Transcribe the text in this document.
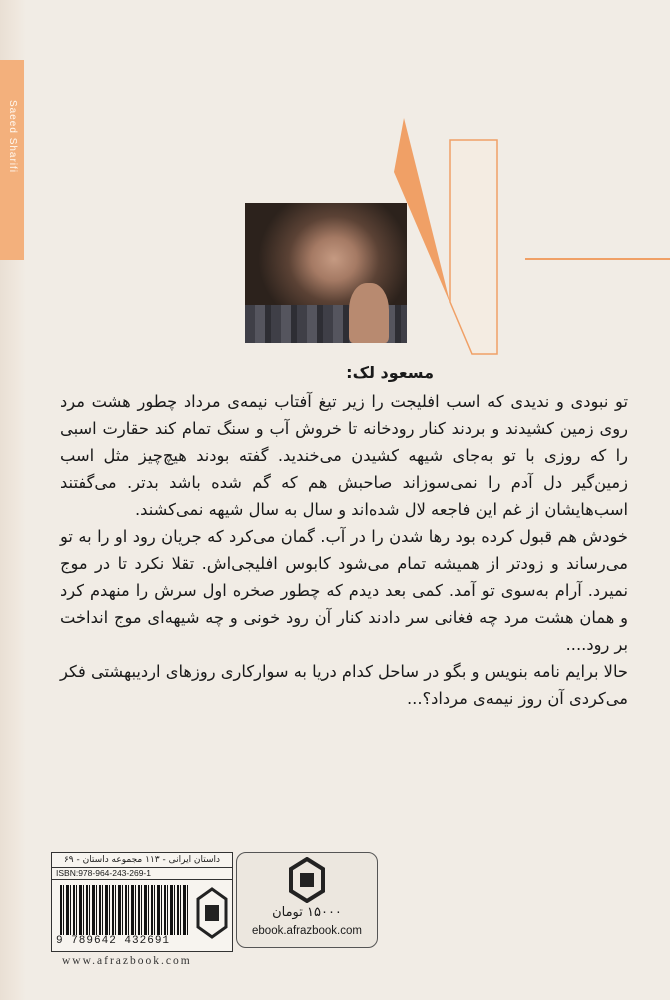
Saeed Sharifi
مسعود لک:

تو نبودی و ندیدی که اسب افلیجت را زیر تیغ آفتاب نیمه‌ی مرداد چطور هشت مرد روی زمین کشیدند و بردند کنار رودخانه تا خروش آب و سنگ تمام کند حقارت اسبی را که روزی با تو به‌جای شیهه کشیدن می‌خندید. گفته بودند هیچ‌چیز مثل اسب زمین‌گیر دل آدم را نمی‌سوزاند صاحبش هم که گم شده باشد بدتر. می‌گفتند اسب‌هایشان از غم این فاجعه لال شده‌اند و سال به سال شیهه نمی‌کشند.

خودش هم قبول کرده بود رها شدن را در آب. گمان می‌کرد که جریان رود او را به تو می‌رساند و زودتر از همیشه تمام می‌شود کابوس افلیجی‌اش. تقلا نکرد تا در موج نمیرد. آرام به‌سوی تو آمد. کمی بعد دیدم که چطور صخره اول سرش را منهدم کرد و همان هشت مرد چه فغانی سر دادند کنار آن رود خونی و چه شیهه‌ای موج انداخت بر رود....

حالا برایم نامه بنویس و بگو در ساحل کدام دریا به سوارکاری روزهای اردیبهشتی فکر می‌کردی آن روز نیمه‌ی مرداد؟...

داستان ایرانی - ۱۱۳ مجموعه داستان - ۶۹
ISBN:978-964-243-269-1
9 789642 432691
۱۵۰۰۰ تومان
ebook.afrazbook.com
www.afrazbook.com
